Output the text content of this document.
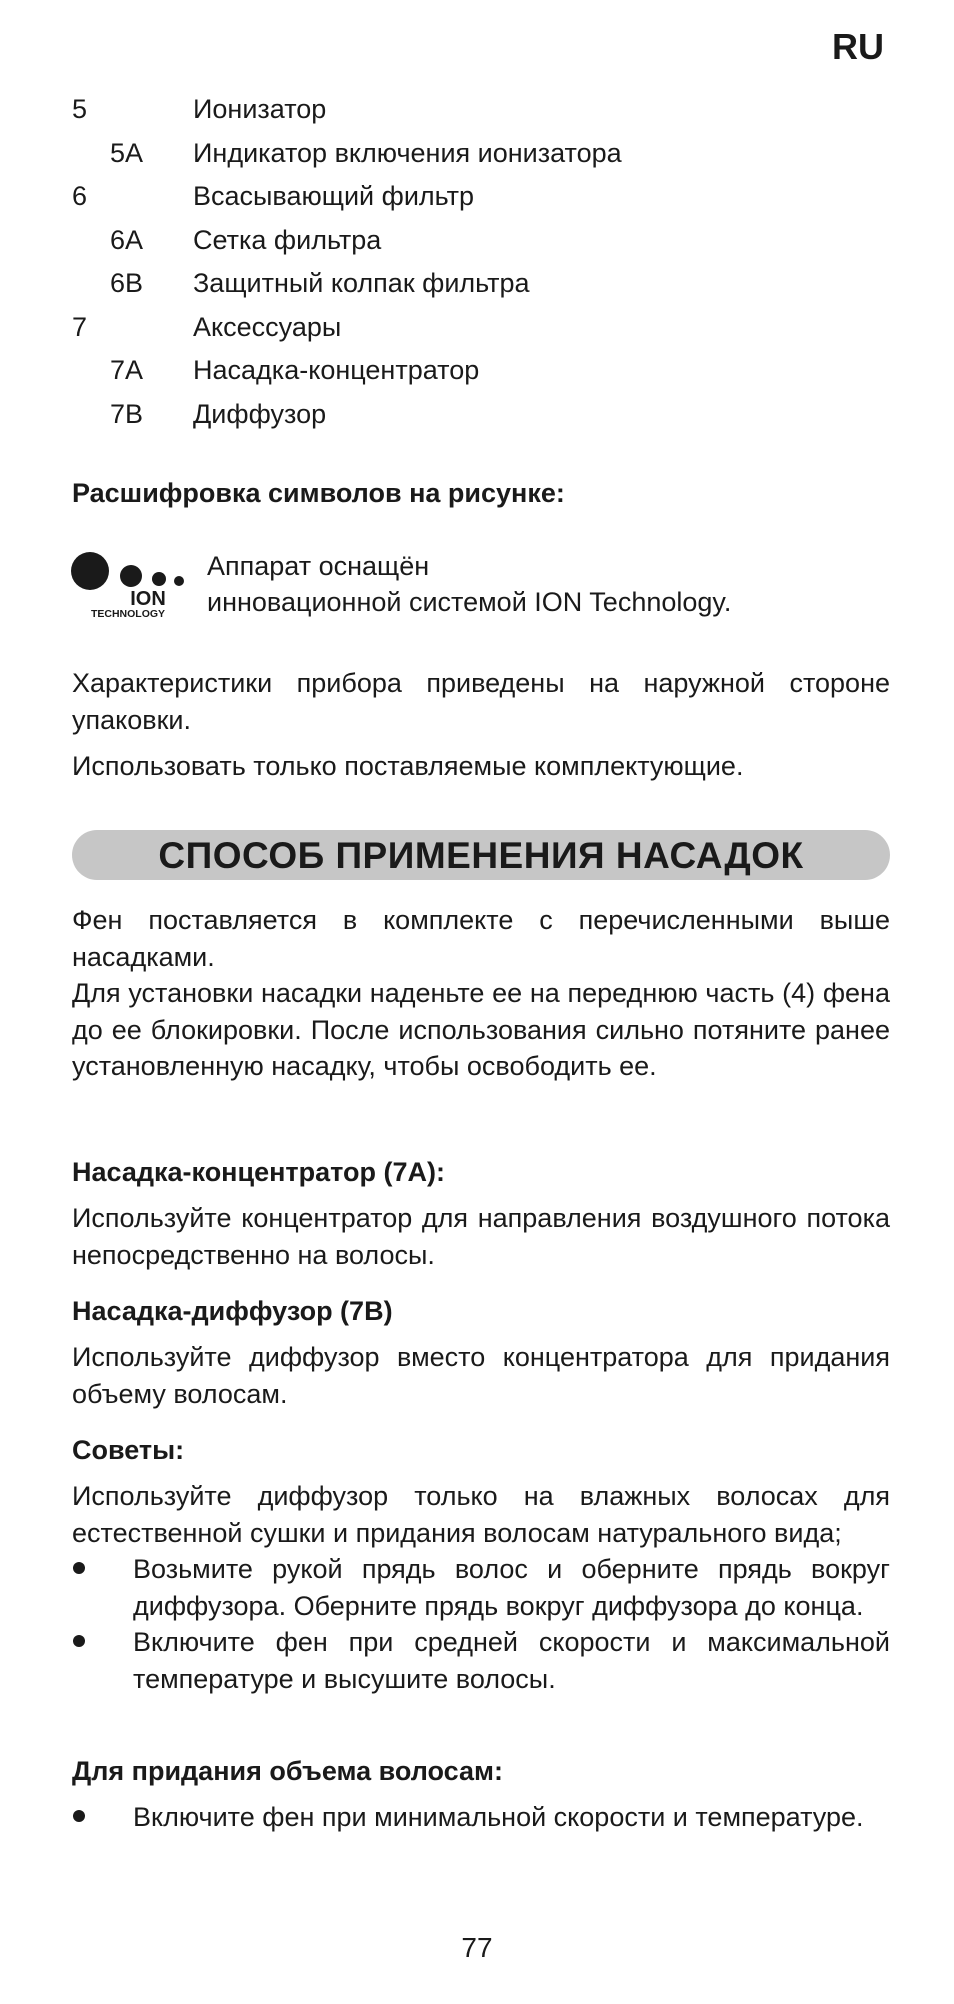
RU
5	Ионизатор
5A Индикатор включения ионизатора
6	Всасывающий фильтр
6A Сетка фильтра
6B Защитный колпак фильтра
7	Аксессуары
7A Насадка-концентратор
7B Диффузор
Расшифровка символов на рисунке:
ION
TECHNOLOGY
Аппарат оснащён
инновационной системой ION Technology.
Характеристики прибора приведены на наружной стороне упаковки.
Использовать только поставляемые комплектующие.
СПОСОБ ПРИМЕНЕНИЯ НАСАДОК
Фен поставляется в комплекте с перечисленными выше насадками.
Для установки насадки наденьте ее на переднюю часть (4) фена до ее блокировки. После использования сильно потяните ранее установленную насадку, чтобы освободить ее.
Насадка-концентратор (7A):
Используйте концентратор для направления воздушного потока непосредственно на волосы.
Насадка-диффузор (7B)
Используйте диффузор вместо концентратора для придания объему волосам.
Советы:
Используйте диффузор только на влажных волосах для естественной сушки и придания волосам натурального вида;
Возьмите рукой прядь волос и оберните прядь вокруг диффузора. Оберните прядь вокруг диффузора до конца.
Включите фен при средней скорости и максимальной температуре и высушите волосы.
Для придания объема волосам:
Включите фен при минимальной скорости и температуре.
77
